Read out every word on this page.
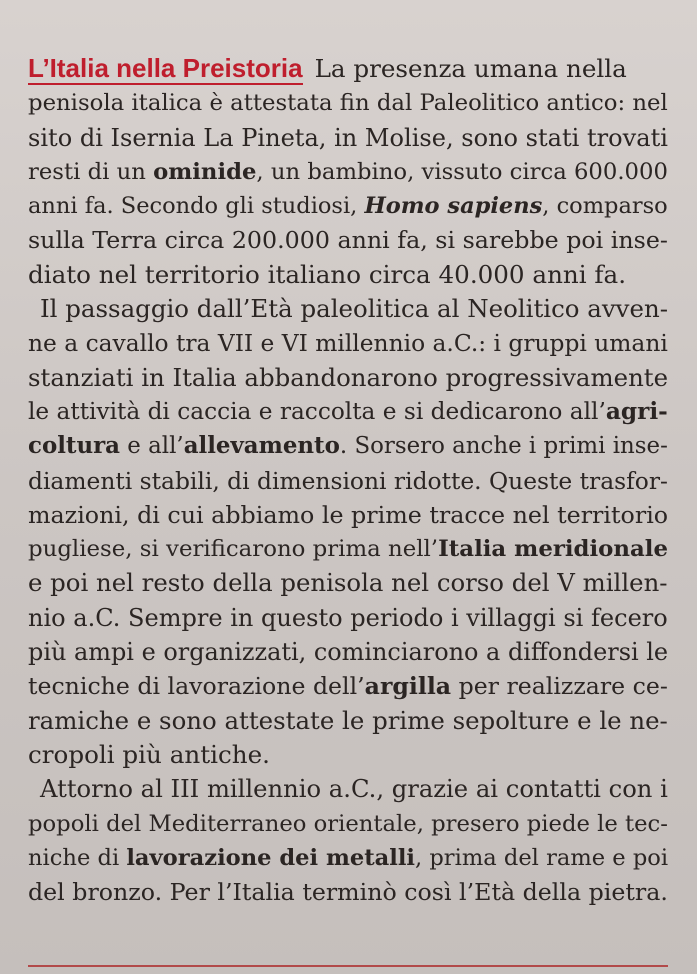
L’Italia nella Preistoria La presenza umana nella
penisola italica è attestata fin dal Paleolitico antico: nel
sito di Isernia La Pineta, in Molise, sono stati trovati
resti di un ominide, un bambino, vissuto circa 600.000
anni fa. Secondo gli studiosi, Homo sapiens, comparso
sulla Terra circa 200.000 anni fa, si sarebbe poi inse-
diato nel territorio italiano circa 40.000 anni fa.
Il passaggio dall’Età paleolitica al Neolitico avven-
ne a cavallo tra VII e VI millennio a.C.: i gruppi umani
stanziati in Italia abbandonarono progressivamente
le attività di caccia e raccolta e si dedicarono all’agri-
coltura e all’allevamento. Sorsero anche i primi inse-
diamenti stabili, di dimensioni ridotte. Queste trasfor-
mazioni, di cui abbiamo le prime tracce nel territorio
pugliese, si verificarono prima nell’Italia meridionale
e poi nel resto della penisola nel corso del V millen-
nio a.C. Sempre in questo periodo i villaggi si fecero
più ampi e organizzati, cominciarono a diffondersi le
tecniche di lavorazione dell’argilla per realizzare ce-
ramiche e sono attestate le prime sepolture e le ne-
cropoli più antiche.
Attorno al III millennio a.C., grazie ai contatti con i
popoli del Mediterraneo orientale, presero piede le tec-
niche di lavorazione dei metalli, prima del rame e poi
del bronzo. Per l’Italia terminò così l’Età della pietra.
